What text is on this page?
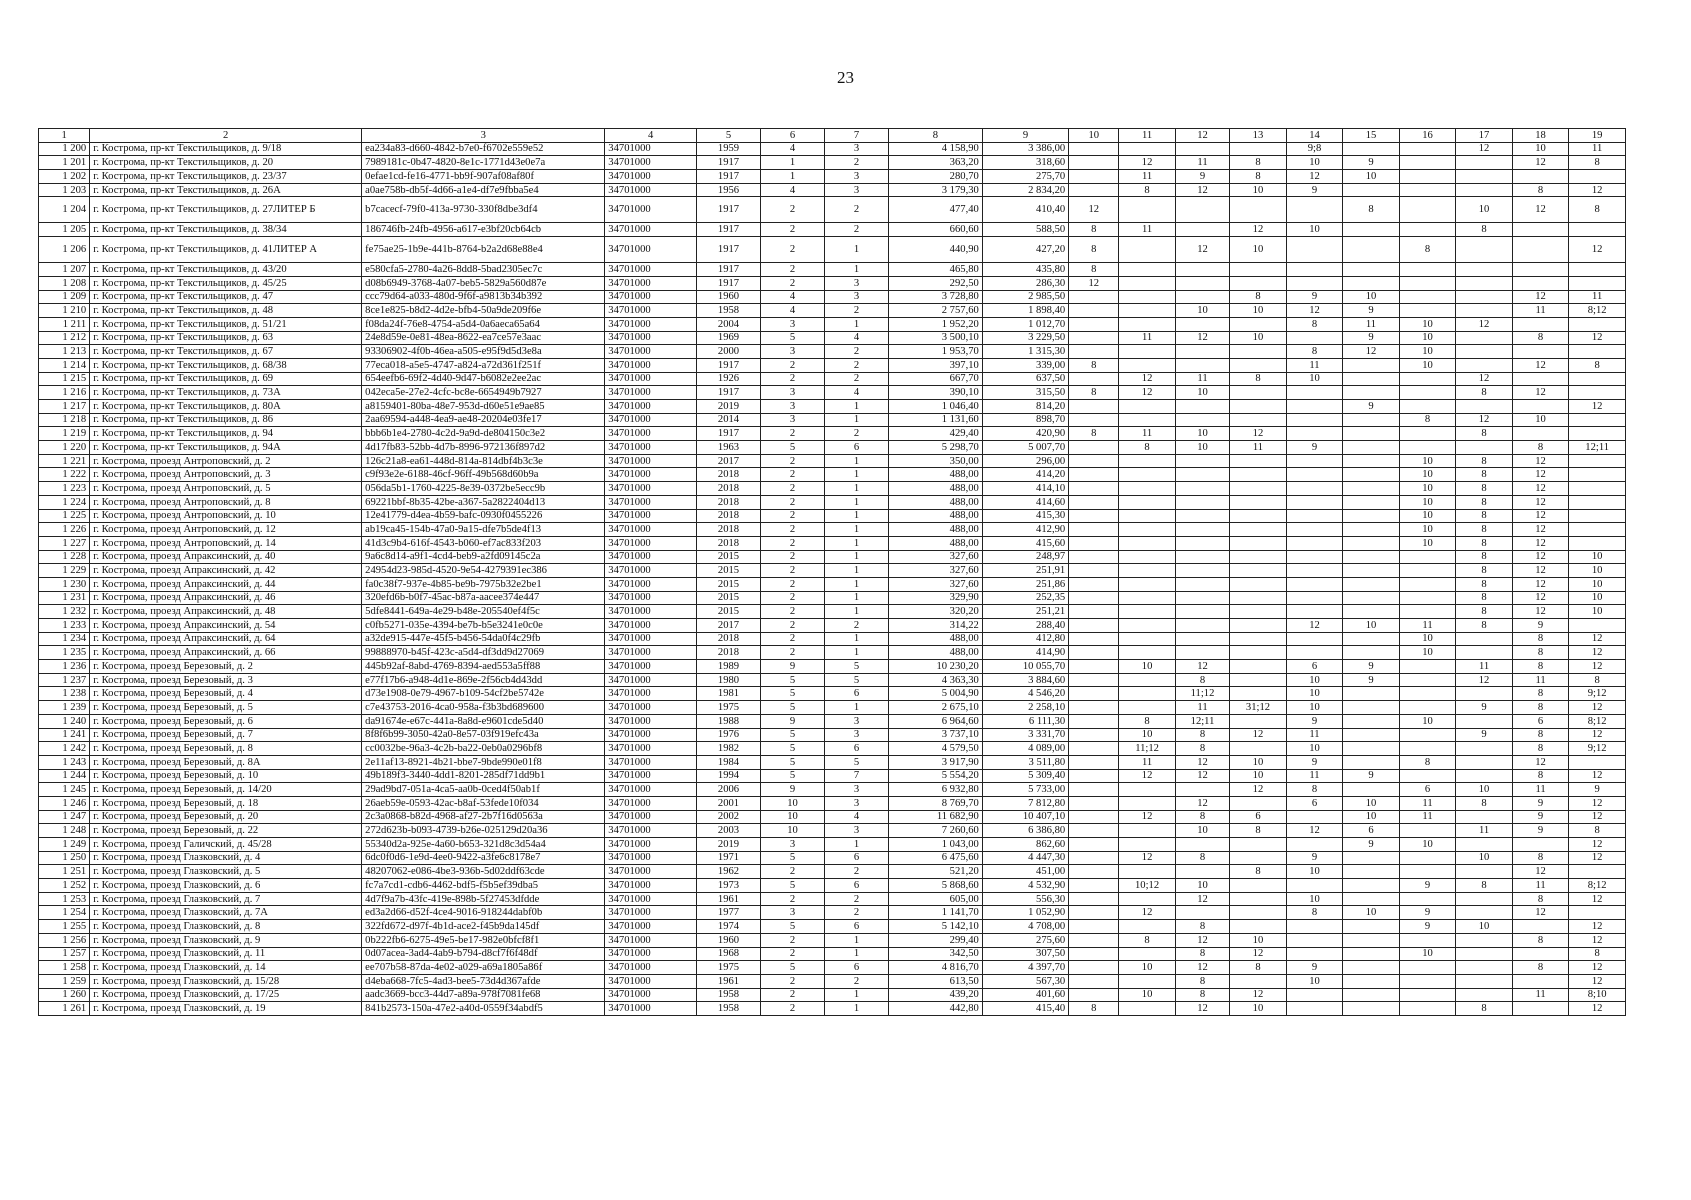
23
1	2	3	4	5	6	7	8	9	10	11	12	13	14	15	16	17	18	19
1 200	г. Кострома, пр-кт Текстильщиков, д. 9/18	ea234a83-d660-4842-b7e0-f6702e559e52	34701000	1959	4	3	4 158,90	3 386,00					9;8			12	10	11
1 201	г. Кострома, пр-кт Текстильщиков, д. 20	7989181c-0b47-4820-8e1c-1771d43e0e7a	34701000	1917	1	2	363,20	318,60		12	11	8	10	9			12	8
1 202	г. Кострома, пр-кт Текстильщиков, д. 23/37	0efae1cd-fe16-4771-bb9f-907af08af80f	34701000	1917	1	3	280,70	275,70		11	9	8	12	10				
1 203	г. Кострома, пр-кт Текстильщиков, д. 26А	a0ae758b-db5f-4d66-a1e4-df7e9fbba5e4	34701000	1956	4	3	3 179,30	2 834,20		8	12	10	9				8	12
1 204	г. Кострома, пр-кт Текстильщиков, д. 27ЛИТЕР Б	b7cacecf-79f0-413a-9730-330f8dbe3df4	34701000	1917	2	2	477,40	410,40	12					8		10	12	8
1 205	г. Кострома, пр-кт Текстильщиков, д. 38/34	186746fb-24fb-4956-a617-e3bf20cb64cb	34701000	1917	2	2	660,60	588,50	8	11		12	10			8		
1 206	г. Кострома, пр-кт Текстильщиков, д. 41ЛИТЕР А	fe75ae25-1b9e-441b-8764-b2a2d68e88e4	34701000	1917	2	1	440,90	427,20	8		12	10			8			12
1 207	г. Кострома, пр-кт Текстильщиков, д. 43/20	e580cfa5-2780-4a26-8dd8-5bad2305ec7c	34701000	1917	2	1	465,80	435,80	8									
1 208	г. Кострома, пр-кт Текстильщиков, д. 45/25	d08b6949-3768-4a07-beb5-5829a560d87e	34701000	1917	2	3	292,50	286,30	12									
1 209	г. Кострома, пр-кт Текстильщиков, д. 47	ccc79d64-a033-480d-9f6f-a9813b34b392	34701000	1960	4	3	3 728,80	2 985,50				8	9	10			12	11
1 210	г. Кострома, пр-кт Текстильщиков, д. 48	8ce1e825-b8d2-4d2e-bfb4-50a9de209f6e	34701000	1958	4	2	2 757,60	1 898,40			10	10	12	9			11	8;12
1 211	г. Кострома, пр-кт Текстильщиков, д. 51/21	f08da24f-76e8-4754-a5d4-0a6aeca65a64	34701000	2004	3	1	1 952,20	1 012,70					8	11	10	12		
1 212	г. Кострома, пр-кт Текстильщиков, д. 63	24e8d59e-0e81-48ea-8622-ea7ce57e3aac	34701000	1969	5	4	3 500,10	3 229,50		11	12	10		9	10		8	12
1 213	г. Кострома, пр-кт Текстильщиков, д. 67	93306902-4f0b-46ea-a505-e95f9d5d3e8a	34701000	2000	3	2	1 953,70	1 315,30					8	12	10			
1 214	г. Кострома, пр-кт Текстильщиков, д. 68/38	77eca018-a5e5-4747-a824-a72d361f251f	34701000	1917	2	2	397,10	339,00	8				11		10		12	8
1 215	г. Кострома, пр-кт Текстильщиков, д. 69	654eefb6-69f2-4d40-9d47-b6082e2ee2ac	34701000	1926	2	2	667,70	637,50		12	11	8	10			12		
1 216	г. Кострома, пр-кт Текстильщиков, д. 73А	042eca5e-27e2-4cfc-bc8e-6654949b7927	34701000	1917	3	4	390,10	315,50	8	12	10					8	12	
1 217	г. Кострома, пр-кт Текстильщиков, д. 80А	a8159401-80ba-48e7-953d-d60e51e9ae85	34701000	2019	3	1	1 046,40	814,20						9				12
1 218	г. Кострома, пр-кт Текстильщиков, д. 86	2aa69594-a448-4ea9-ae48-20204e03fe17	34701000	2014	3	1	1 131,60	898,70							8	12	10	
1 219	г. Кострома, пр-кт Текстильщиков, д. 94	bbb6b1e4-2780-4c2d-9a9d-de804150c3e2	34701000	1917	2	2	429,40	420,90	8	11	10	12				8		
1 220	г. Кострома, пр-кт Текстильщиков, д. 94А	4d17fb83-52bb-4d7b-8996-972136f897d2	34701000	1963	5	6	5 298,70	5 007,70		8	10	11	9				8	12;11
1 221	г. Кострома, проезд Антроповский, д. 2	126c21a8-ea61-448d-814a-814dbf4b3c3e	34701000	2017	2	1	350,00	296,00							10	8	12	
1 222	г. Кострома, проезд Антроповский, д. 3	c9f93e2e-6188-46cf-96ff-49b568d60b9a	34701000	2018	2	1	488,00	414,20							10	8	12	
1 223	г. Кострома, проезд Антроповский, д. 5	056da5b1-1760-4225-8e39-0372be5ecc9b	34701000	2018	2	1	488,00	414,10							10	8	12	
1 224	г. Кострома, проезд Антроповский, д. 8	69221bbf-8b35-42be-a367-5a2822404d13	34701000	2018	2	1	488,00	414,60							10	8	12	
1 225	г. Кострома, проезд Антроповский, д. 10	12e41779-d4ea-4b59-bafc-0930f0455226	34701000	2018	2	1	488,00	415,30							10	8	12	
1 226	г. Кострома, проезд Антроповский, д. 12	ab19ca45-154b-47a0-9a15-dfe7b5de4f13	34701000	2018	2	1	488,00	412,90							10	8	12	
1 227	г. Кострома, проезд Антроповский, д. 14	41d3c9b4-616f-4543-b060-ef7ac833f203	34701000	2018	2	1	488,00	415,60							10	8	12	
1 228	г. Кострома, проезд Апраксинский, д. 40	9a6c8d14-a9f1-4cd4-beb9-a2fd09145c2a	34701000	2015	2	1	327,60	248,97								8	12	10
1 229	г. Кострома, проезд Апраксинский, д. 42	24954d23-985d-4520-9e54-4279391ec386	34701000	2015	2	1	327,60	251,91								8	12	10
1 230	г. Кострома, проезд Апраксинский, д. 44	fa0c38f7-937e-4b85-be9b-7975b32e2be1	34701000	2015	2	1	327,60	251,86								8	12	10
1 231	г. Кострома, проезд Апраксинский, д. 46	320efd6b-b0f7-45ac-b87a-aacee374e447	34701000	2015	2	1	329,90	252,35								8	12	10
1 232	г. Кострома, проезд Апраксинский, д. 48	5dfe8441-649a-4e29-b48e-205540ef4f5c	34701000	2015	2	1	320,20	251,21								8	12	10
1 233	г. Кострома, проезд Апраксинский, д. 54	c0fb5271-035e-4394-be7b-b5e3241e0c0e	34701000	2017	2	2	314,22	288,40					12	10	11	8	9	
1 234	г. Кострома, проезд Апраксинский, д. 64	a32de915-447e-45f5-b456-54da0f4c29fb	34701000	2018	2	1	488,00	412,80							10		8	12
1 235	г. Кострома, проезд Апраксинский, д. 66	99888970-b45f-423c-a5d4-df3dd9d27069	34701000	2018	2	1	488,00	414,90							10		8	12
1 236	г. Кострома, проезд Березовый, д. 2	445b92af-8abd-4769-8394-aed553a5ff88	34701000	1989	9	5	10 230,20	10 055,70		10	12		6	9		11	8	12
1 237	г. Кострома, проезд Березовый, д. 3	e77f17b6-a948-4d1e-869e-2f56cb4d43dd	34701000	1980	5	5	4 363,30	3 884,60			8		10	9		12	11	8
1 238	г. Кострома, проезд Березовый, д. 4	d73e1908-0e79-4967-b109-54cf2be5742e	34701000	1981	5	6	5 004,90	4 546,20			11;12		10				8	9;12
1 239	г. Кострома, проезд Березовый, д. 5	c7e43753-2016-4ca0-958a-f3b3bd689600	34701000	1975	5	1	2 675,10	2 258,10			11	31;12	10			9	8	12
1 240	г. Кострома, проезд Березовый, д. 6	da91674e-e67c-441a-8a8d-e9601cde5d40	34701000	1988	9	3	6 964,60	6 111,30		8	12;11		9		10		6	8;12
1 241	г. Кострома, проезд Березовый, д. 7	8f8f6b99-3050-42a0-8e57-03f919efc43a	34701000	1976	5	3	3 737,10	3 331,70		10	8	12	11			9	8	12
1 242	г. Кострома, проезд Березовый, д. 8	cc0032be-96a3-4c2b-ba22-0eb0a0296bf8	34701000	1982	5	6	4 579,50	4 089,00		11;12	8		10				8	9;12
1 243	г. Кострома, проезд Березовый, д. 8А	2e11af13-8921-4b21-bbe7-9bde990e01f8	34701000	1984	5	5	3 917,90	3 511,80		11	12	10	9		8		12	
1 244	г. Кострома, проезд Березовый, д. 10	49b189f3-3440-4dd1-8201-285df71dd9b1	34701000	1994	5	7	5 554,20	5 309,40		12	12	10	11	9			8	12
1 245	г. Кострома, проезд Березовый, д. 14/20	29ad9bd7-051a-4ca5-aa0b-0ced4f50ab1f	34701000	2006	9	3	6 932,80	5 733,00				12	8		6	10	11	9
1 246	г. Кострома, проезд Березовый, д. 18	26aeb59e-0593-42ac-b8af-53fede10f034	34701000	2001	10	3	8 769,70	7 812,80			12		6	10	11	8	9	12
1 247	г. Кострома, проезд Березовый, д. 20	2c3a0868-b82d-4968-af27-2b7f16d0563a	34701000	2002	10	4	11 682,90	10 407,10		12	8	6		10	11		9	12
1 248	г. Кострома, проезд Березовый, д. 22	272d623b-b093-4739-b26e-025129d20a36	34701000	2003	10	3	7 260,60	6 386,80			10	8	12	6		11	9	8
1 249	г. Кострома, проезд Галичский, д. 45/28	55340d2a-925e-4a60-b653-321d8c3d54a4	34701000	2019	3	1	1 043,00	862,60						9	10			12
1 250	г. Кострома, проезд Глазковский, д. 4	6dc0f0d6-1e9d-4ee0-9422-a3fe6c8178e7	34701000	1971	5	6	6 475,60	4 447,30		12	8		9			10	8	12
1 251	г. Кострома, проезд Глазковский, д. 5	48207062-e086-4be3-936b-5d02ddf63cde	34701000	1962	2	2	521,20	451,00				8	10				12	
1 252	г. Кострома, проезд Глазковский, д. 6	fc7a7cd1-cdb6-4462-bdf5-f5b5ef39dba5	34701000	1973	5	6	5 868,60	4 532,90		10;12	10				9	8	11	8;12
1 253	г. Кострома, проезд Глазковский, д. 7	4d7f9a7b-43fc-419e-898b-5f27453dfdde	34701000	1961	2	2	605,00	556,30			12		10				8	12
1 254	г. Кострома, проезд Глазковский, д. 7А	ed3a2d66-d52f-4ce4-9016-918244dabf0b	34701000	1977	3	2	1 141,70	1 052,90		12			8	10	9		12	
1 255	г. Кострома, проезд Глазковский, д. 8	322fd672-d97f-4b1d-ace2-f45b9da145df	34701000	1974	5	6	5 142,10	4 708,00			8				9	10		12
1 256	г. Кострома, проезд Глазковский, д. 9	0b222fb6-6275-49e5-be17-982e0bfcf8f1	34701000	1960	2	1	299,40	275,60		8	12	10					8	12
1 257	г. Кострома, проезд Глазковский, д. 11	0d07acea-3ad4-4ab9-b794-d8cf7f6f48df	34701000	1968	2	1	342,50	307,50			8	12			10			8
1 258	г. Кострома, проезд Глазковский, д. 14	ee707b58-87da-4e02-a029-a69a1805a86f	34701000	1975	5	6	4 816,70	4 397,70		10	12	8	9				8	12
1 259	г. Кострома, проезд Глазковский, д. 15/28	d4eba668-7fc5-4ad3-bee5-73d4d367afde	34701000	1961	2	2	613,50	567,30			8		10					12
1 260	г. Кострома, проезд Глазковский, д. 17/25	aadc3669-bcc3-44d7-a89a-978f7081fe68	34701000	1958	2	1	439,20	401,60		10	8	12					11	8;10
1 261	г. Кострома, проезд Глазковский, д. 19	841b2573-150a-47e2-a40d-0559f34abdf5	34701000	1958	2	1	442,80	415,40	8		12	10				8		12
